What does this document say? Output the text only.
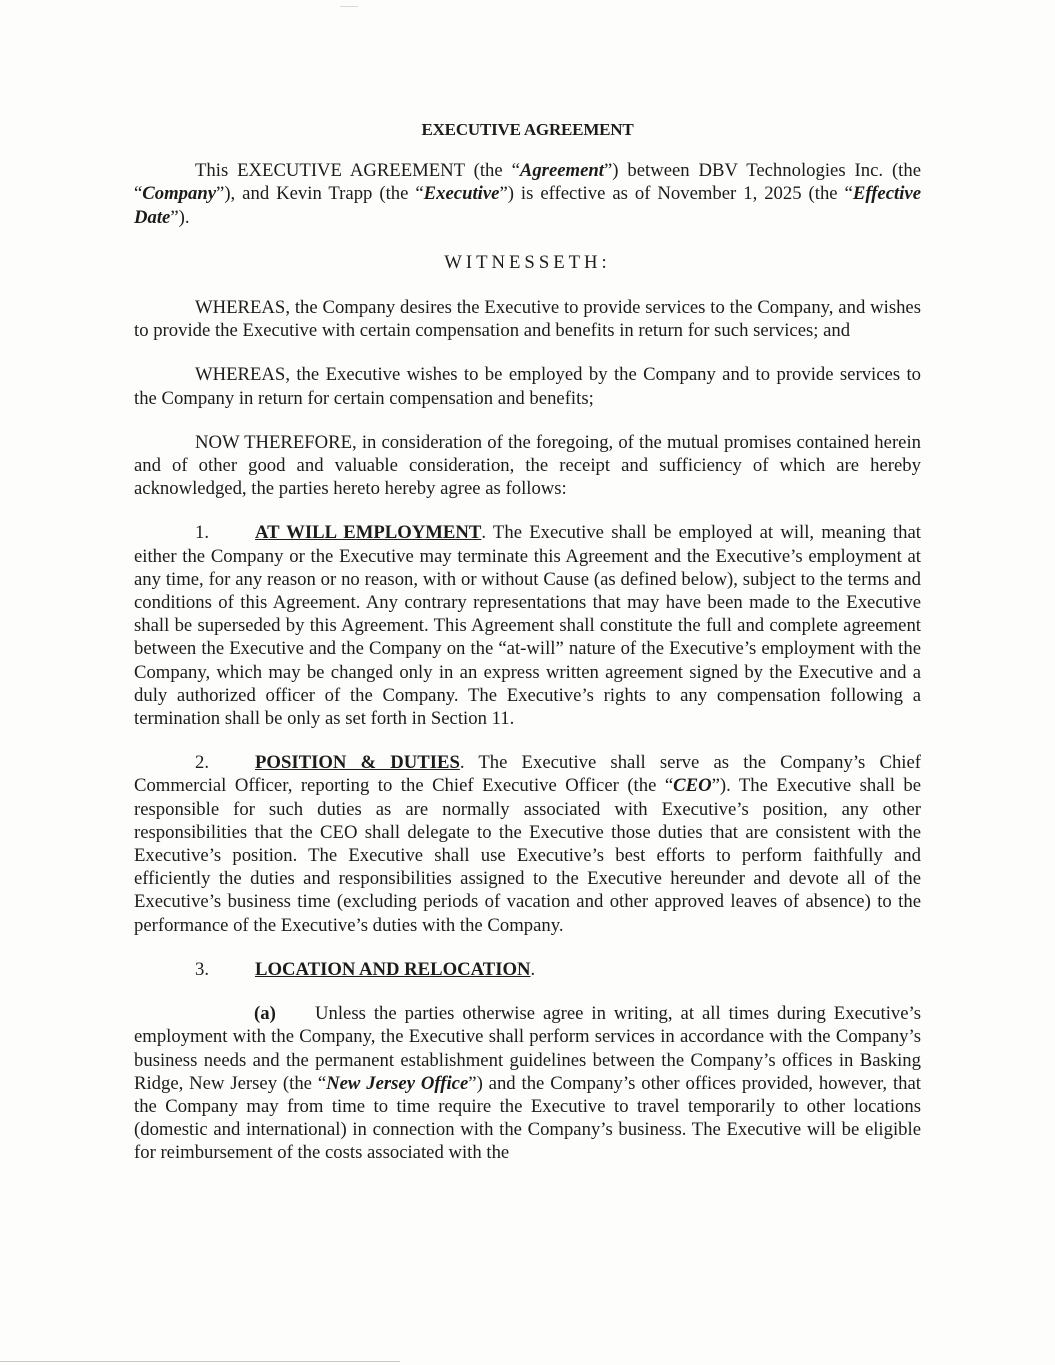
EXECUTIVE AGREEMENT

This EXECUTIVE AGREEMENT (the “Agreement”) between DBV Technologies Inc. (the “Company”), and Kevin Trapp (the “Executive”) is effective as of November 1, 2025 (the “Effective Date”).

WITNESSETH:

WHEREAS, the Company desires the Executive to provide services to the Company, and wishes to provide the Executive with certain compensation and benefits in return for such services; and

WHEREAS, the Executive wishes to be employed by the Company and to provide services to the Company in return for certain compensation and benefits;

NOW THEREFORE, in consideration of the foregoing, of the mutual promises contained herein and of other good and valuable consideration, the receipt and sufficiency of which are hereby acknowledged, the parties hereto hereby agree as follows:

1. AT WILL EMPLOYMENT. The Executive shall be employed at will, meaning that either the Company or the Executive may terminate this Agreement and the Executive’s employment at any time, for any reason or no reason, with or without Cause (as defined below), subject to the terms and conditions of this Agreement. Any contrary representations that may have been made to the Executive shall be superseded by this Agreement. This Agreement shall constitute the full and complete agreement between the Executive and the Company on the “at-will” nature of the Executive’s employment with the Company, which may be changed only in an express written agreement signed by the Executive and a duly authorized officer of the Company. The Executive’s rights to any compensation following a termination shall be only as set forth in Section 11.

2. POSITION & DUTIES. The Executive shall serve as the Company’s Chief Commercial Officer, reporting to the Chief Executive Officer (the “CEO”). The Executive shall be responsible for such duties as are normally associated with Executive’s position, any other responsibilities that the CEO shall delegate to the Executive those duties that are consistent with the Executive’s position. The Executive shall use Executive’s best efforts to perform faithfully and efficiently the duties and responsibilities assigned to the Executive hereunder and devote all of the Executive’s business time (excluding periods of vacation and other approved leaves of absence) to the performance of the Executive’s duties with the Company.

3. LOCATION AND RELOCATION.

(a) Unless the parties otherwise agree in writing, at all times during Executive’s employment with the Company, the Executive shall perform services in accordance with the Company’s business needs and the permanent establishment guidelines between the Company’s offices in Basking Ridge, New Jersey (the “New Jersey Office”) and the Company’s other offices provided, however, that the Company may from time to time require the Executive to travel temporarily to other locations (domestic and international) in connection with the Company’s business. The Executive will be eligible for reimbursement of the costs associated with the
